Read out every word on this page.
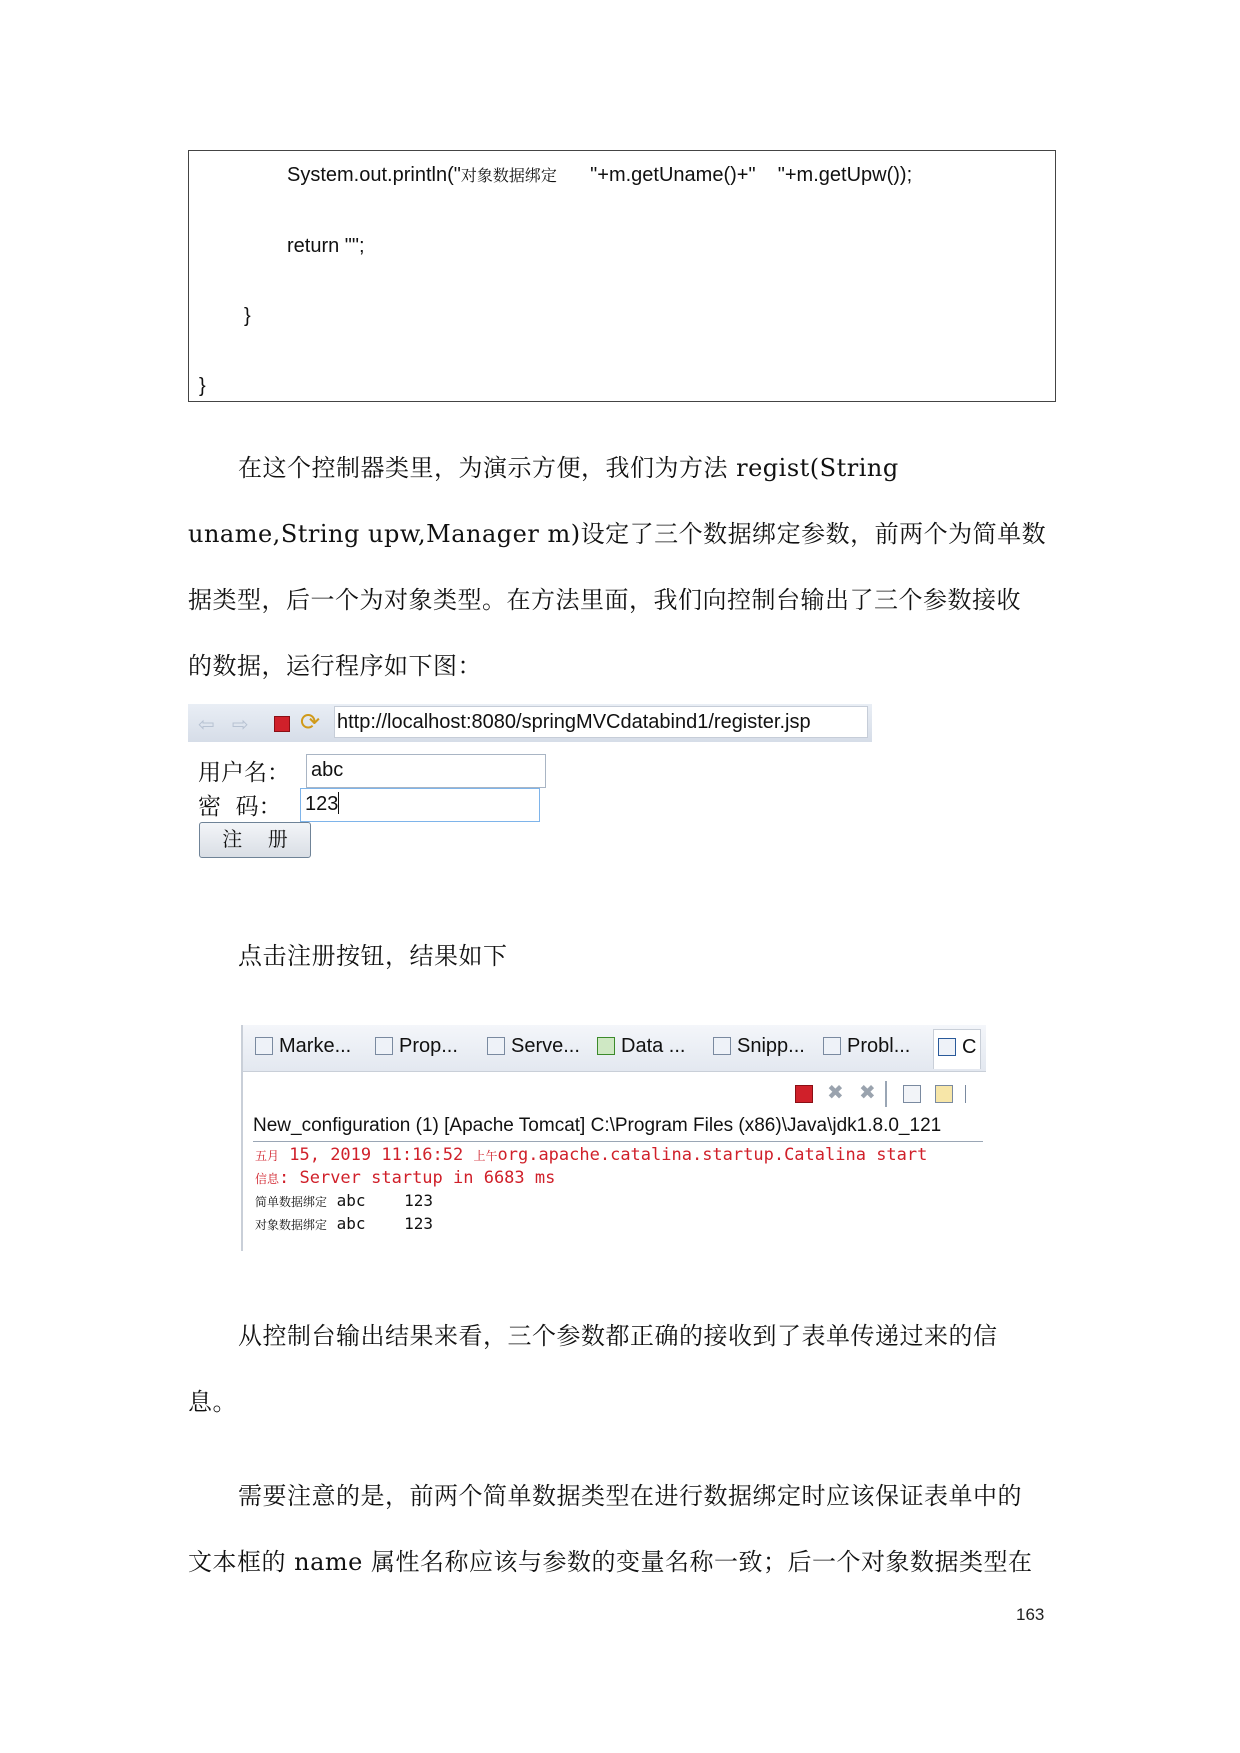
System.out.println("对象数据绑定      "+m.getUname()+"    "+m.getUpw());
return "";
}
}
在这个控制器类里，为演示方便，我们为方法 regist(String
uname,String upw,Manager m)设定了三个数据绑定参数，前两个为简单数
据类型，后一个为对象类型。在方法里面，我们向控制台输出了三个参数接收
的数据，运行程序如下图：
⇦ ⇨ ⟳ http://localhost:8080/springMVCdatabind1/register.jsp
用户名： abc
密  码： 123
注    册
点击注册按钮，结果如下
Marke...	Prop...	Serve...	Data ...	Snipp...	Probl...	C
✖ ✖
New_configuration (1) [Apache Tomcat] C:\Program Files (x86)\Java\jdk1.8.0_121
五月 15, 2019 11:16:52 上午org.apache.catalina.startup.Catalina start
信息: Server startup in 6683 ms
简单数据绑定 abc    123
对象数据绑定 abc    123
从控制台输出结果来看，三个参数都正确的接收到了表单传递过来的信
息。
需要注意的是，前两个简单数据类型在进行数据绑定时应该保证表单中的
文本框的 name 属性名称应该与参数的变量名称一致；后一个对象数据类型在
163
